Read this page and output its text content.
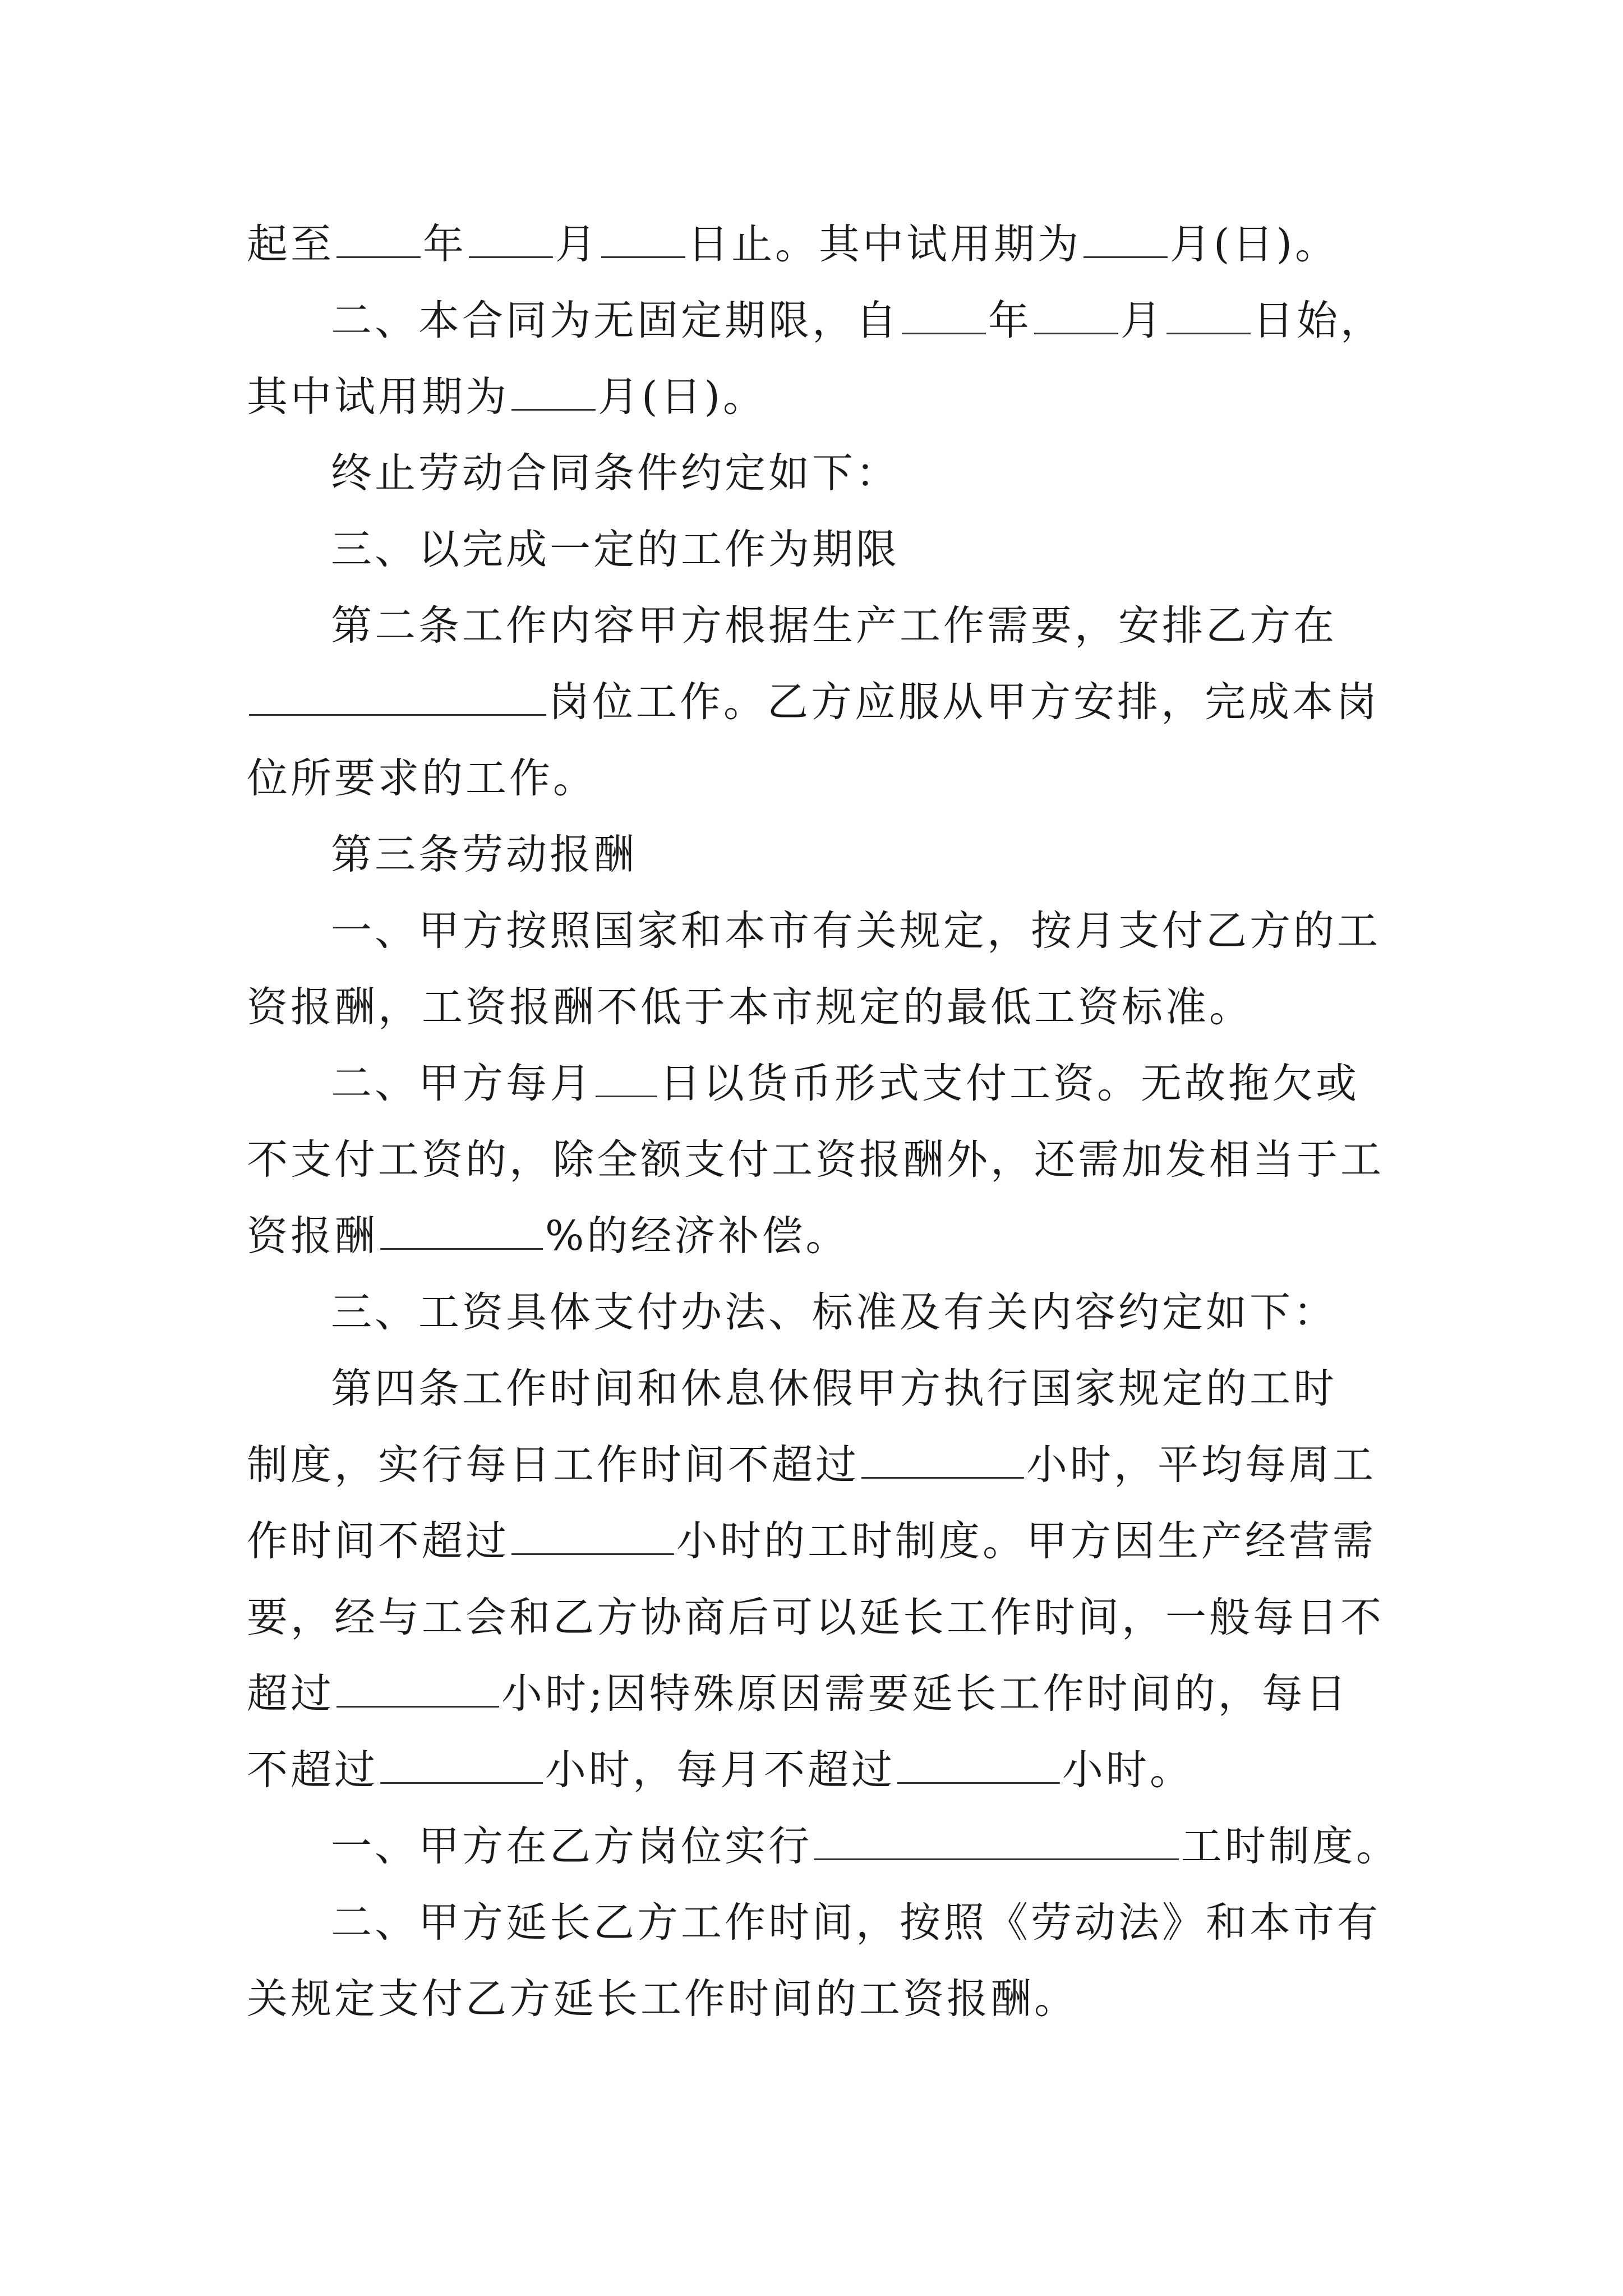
起至 年 月 日止。其中试用期为 月(日)。
二、本合同为无固定期限，自 年 月 日始，
其中试用期为 月(日)。
终止劳动合同条件约定如下：
三、以完成一定的工作为期限
第二条工作内容甲方根据生产工作需要，安排乙方在
岗位工作。乙方应服从甲方安排，完成本岗
位所要求的工作。
第三条劳动报酬
一、甲方按照国家和本市有关规定，按月支付乙方的工
资报酬，工资报酬不低于本市规定的最低工资标准。
二、甲方每月 日以货币形式支付工资。无故拖欠或
不支付工资的，除全额支付工资报酬外，还需加发相当于工
资报酬	%的经济补偿。
三、工资具体支付办法、标准及有关内容约定如下：
第四条工作时间和休息休假甲方执行国家规定的工时
制度，实行每日工作时间不超过	小时，平均每周工
作时间不超过	小时的工时制度。甲方因生产经营需
要，经与工会和乙方协商后可以延长工作时间，一般每日不
超过	小时;因特殊原因需要延长工作时间的，每日
不超过	小时，每月不超过	小时。
一、甲方在乙方岗位实行	工时制度。
二、甲方延长乙方工作时间，按照《劳动法》和本市有
关规定支付乙方延长工作时间的工资报酬。
